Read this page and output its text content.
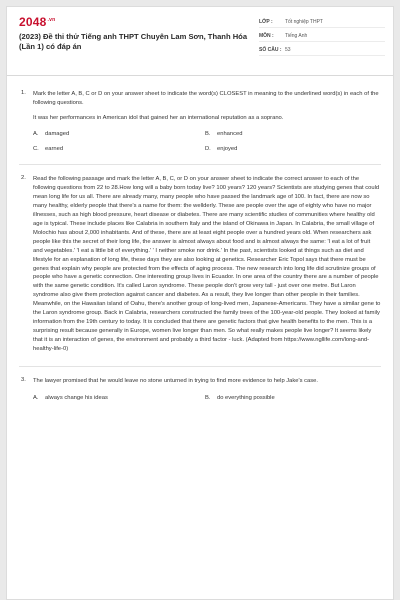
$2048^{.vn}$
(2023) Đề thi thử Tiếng anh THPT Chuyên Lam Sơn, Thanh Hóa (Lần 1) có đáp án
LỚP :	Tốt nghiệp THPT
MÔN :	Tiếng Anh
SỐ CÂU : 53
1. Mark the letter A, B, C or D on your answer sheet to indicate the word(s) CLOSEST in meaning to the underlined word(s) in each of the following questions.
It was her performances in American idol that gained her an international reputation as a soprano.
A.	damaged	B.	enhanced
C.	earned	D.	enjoyed
2. Read the following passage and mark the letter A, B, C, or D on your answer sheet to indicate the correct answer to each of the following questions from 22 to 28.How long will a baby born today live? 100 years? 120 years? Scientists are studying genes that could mean long life for us all. There are already many, many people who have passed the landmark age of 100. In fact, there are now so many healthy, elderly people that there's a name for them: the wellderly. These are people over the age of eighty who have no major illnesses, such as high blood pressure, heart disease or diabetes. There are many scientific studies of communities where healthy old age is typical. These include places like Calabria in southern Italy and the island of Okinawa in Japan. In Calabria, the small village of Molochio has about 2,000 inhabitants. And of these, there are at least eight people over a hundred years old. When researchers ask people like this the secret of their long life, the answer is almost always about food and is almost always the same: 'I eat a lot of fruit and vegetables.' 'I eat a little bit of everything.' ' I neither smoke nor drink.' In the past, scientists looked at things such as diet and lifestyle for an explanation of long life, these days they are also looking at genetics. Researcher Eric Topol says that there must be genes that explain why people are protected from the effects of aging process. The new research into long life did scrutinize groups of people who have a genetic connection. One interesting group lives in Ecuador. In one area of the country there are a number of people with the same genetic condition. It's called Laron syndrome. These people don't grow very tall - just over one metre. But Laron syndrome also give them protection against cancer and diabetes. As a result, they live longer than other people in their families. Meanwhile, on the Hawaiian island of Oahu, there's another group of long-lived men, Japanese-Americans. They have a similar gene to the Laron syndrome group. Back in Calabria, researchers constructed the family trees of the 100-year-old people. They looked at family information from the 19th century to today. It is concluded that there are genetic factors that give health benefits to the men. This is a surprising result because generally in Europe, women live longer than men. So what really makes people live longer? It seems likely that it is an interaction of genes, the environment and probably a third factor - luck. (Adapted from https://www.ngllife.com/long-and-healthy-life-0)
3. The lawyer promised that he would leave no stone unturned in trying to find more evidence to help Jake's case.
A.	always change his ideas	B.	do everything possible
